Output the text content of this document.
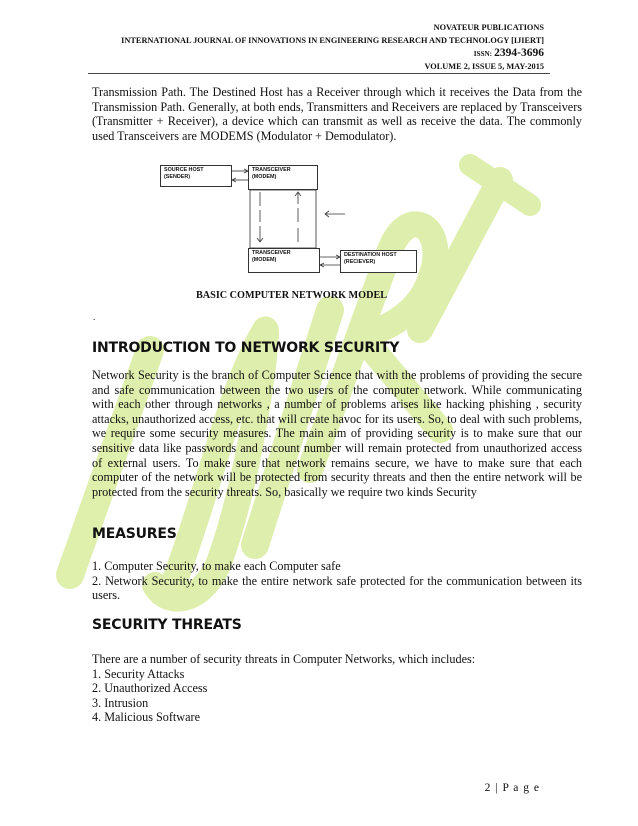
NOVATEUR PUBLICATIONS
INTERNATIONAL JOURNAL OF INNOVATIONS IN ENGINEERING RESEARCH AND TECHNOLOGY [IJIERT]
ISSN: 2394-3696
VOLUME 2, ISSUE 5, MAY-2015

Transmission Path. The Destined Host has a Receiver through which it receives the Data from the Transmission Path. Generally, at both ends, Transmitters and Receivers are replaced by Transceivers (Transmitter + Receiver), a device which can transmit as well as receive the data. The commonly used Transceivers are MODEMS (Modulator + Demodulator).

SOURCE HOST
(SENDER)
TRANSCEIVER
(MODEM)
TRANSCEIVER
(MODEM)
DESTINATION HOST
(RECIEVER)
BASIC COMPUTER NETWORK MODEL
.
INTRODUCTION TO NETWORK SECURITY

Network Security is the branch of Computer Science that with the problems of providing the secure and safe communication between the two users of the computer network. While communicating with each other through networks , a number of problems arises like hacking phishing , security attacks, unauthorized access, etc. that will create havoc for its users. So, to deal with such problems, we require some security measures. The main aim of providing security is to make sure that our sensitive data like passwords and account number will remain protected from unauthorized access of external users. To make sure that network remains secure, we have to make sure that each computer of the network will be protected from security threats and then the entire network will be protected from the security threats. So, basically we require two kinds Security

MEASURES

1. Computer Security, to make each Computer safe

2. Network Security, to make the entire network safe protected for the communication between its users.

SECURITY THREATS

There are a number of security threats in Computer Networks, which includes:

1. Security Attacks

2. Unauthorized Access

3. Intrusion

4. Malicious Software

2 | P a g e
